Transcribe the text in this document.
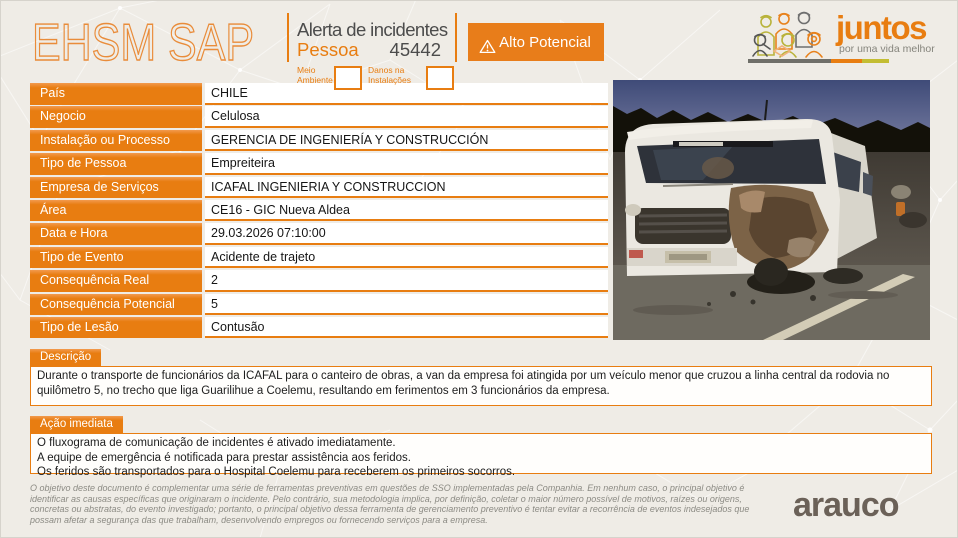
EHSM SAP Alerta de incidentes
Pessoa 45442
Meio Ambiente
Danos na Instalações
Alto Potencial	juntos
por uma vida melhor
País	CHILE
Negocio	Celulosa
Instalação ou Processo	GERENCIA DE INGENIERÍA Y CONSTRUCCIÓN
Tipo de Pessoa	Empreiteira
Empresa de Serviços	ICAFAL INGENIERIA Y CONSTRUCCION
Área	CE16 - GIC Nueva Aldea
Data e Hora	29.03.2026 07:10:00
Tipo de Evento	Acidente de trajeto
Consequência Real	2
Consequência Potencial	5
Tipo de Lesão	Contusão
Descrição
Durante o transporte de funcionários da ICAFAL para o canteiro de obras, a van da empresa foi atingida por um veículo menor que cruzou a linha central da rodovia no quilômetro 5, no trecho que liga Guarilihue a Coelemu, resultando em ferimentos em 3 funcionários da empresa.
Ação imediata
O fluxograma de comunicação de incidentes é ativado imediatamente.
A equipe de emergência é notificada para prestar assistência aos feridos.
Os feridos são transportados para o Hospital Coelemu para receberem os primeiros socorros.
O objetivo deste documento é complementar uma série de ferramentas preventivas em questões de SSO implementadas pela Companhia. Em nenhum caso, o principal objetivo é identificar as causas específicas que originaram o incidente. Pelo contrário, sua metodologia implica, por definição, coletar o maior número possível de motivos, raízes ou origens, concretas ou abstratas, do evento investigado; portanto, o principal objetivo dessa ferramenta de gerenciamento preventivo é tentar evitar a recorrência de eventos indesejados que possam afetar a segurança das que trabalham, desenvolvendo empregos ou fornecendo serviços para a empresa.	arauco
